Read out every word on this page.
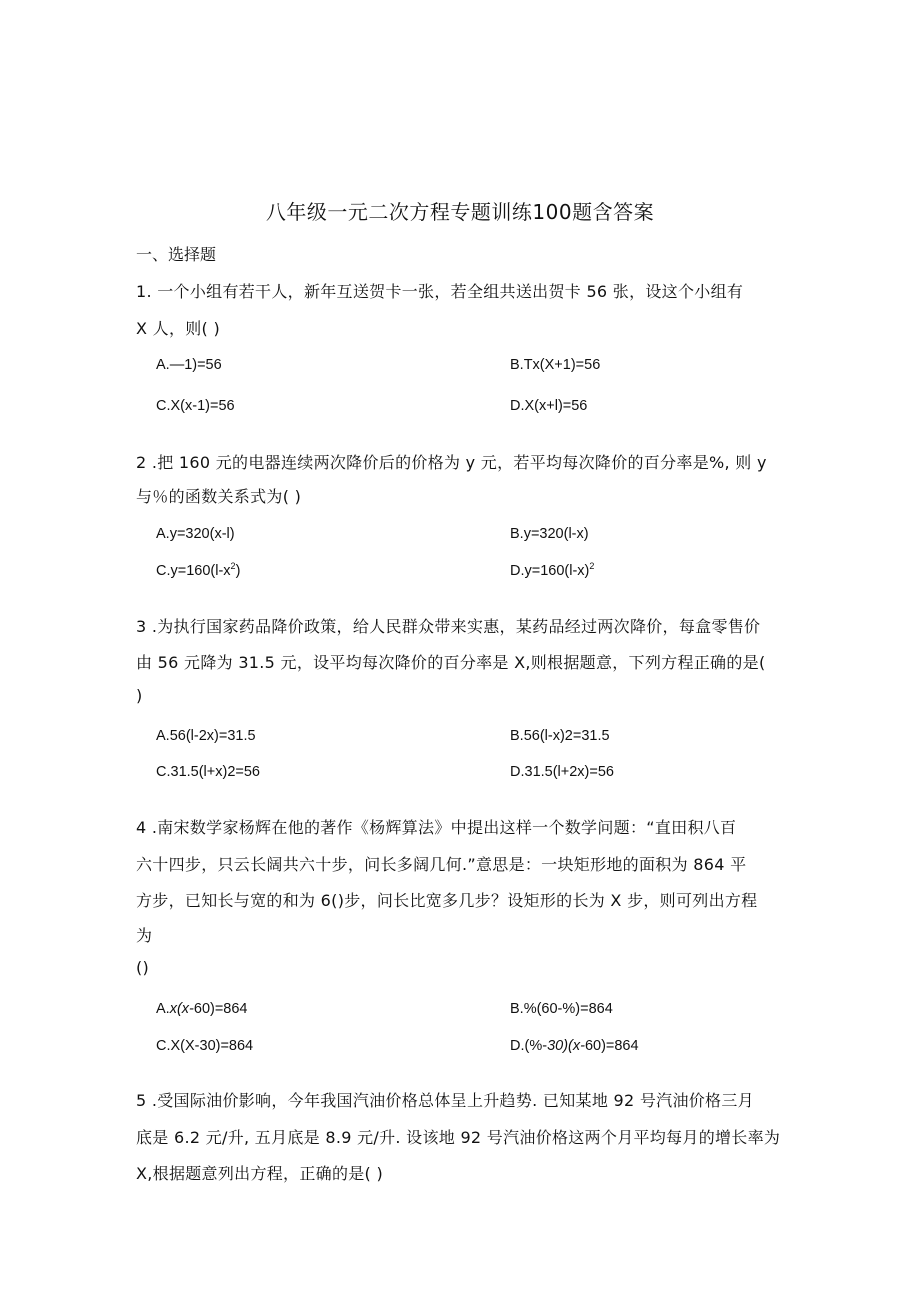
八年级一元二次方程专题训练100题含答案
一、选择题
1. 一个小组有若干人，新年互送贺卡一张，若全组共送出贺卡 56 张，设这个小组有
X 人，则( )
A.—1)=56	B.Tx(X+1)=56
C.X(x-1)=56	D.X(x+l)=56
2 .把 160 元的电器连续两次降价后的价格为 y 元，若平均每次降价的百分率是%, 则 y
与％的函数关系式为( )
A.y=320(x-l)	B.y=320(l-x)
$C.y=160(l-x^2)$	$D.y=160(l-x)^2$
3 .为执行国家药品降价政策，给人民群众带来实惠，某药品经过两次降价，每盒零售价
由 56 元降为 31.5 元，设平均每次降价的百分率是 X,则根据题意，下列方程正确的是(
)
A.56(l-2x)=31.5	B.56(l-x)2=31.5
C.31.5(l+x)2=56	D.31.5(l+2x)=56
4 .南宋数学家杨辉在他的著作《杨辉算法》中提出这样一个数学问题：“直田积八百
六十四步，只云长阔共六十步，问长多阔几何.”意思是：一块矩形地的面积为 864 平
方步，已知长与宽的和为 6()步，问长比宽多几步？设矩形的长为 X 步，则可列出方程
为
()
A.x(x-60)=864	B.%(60-%)=864
C.X(X-30)=864	D.(%-30)(x-60)=864
5 .受国际油价影响，今年我国汽油价格总体呈上升趋势. 已知某地 92 号汽油价格三月
底是 6.2 元/升, 五月底是 8.9 元/升. 设该地 92 号汽油价格这两个月平均每月的增长率为
X,根据题意列出方程，正确的是( )
